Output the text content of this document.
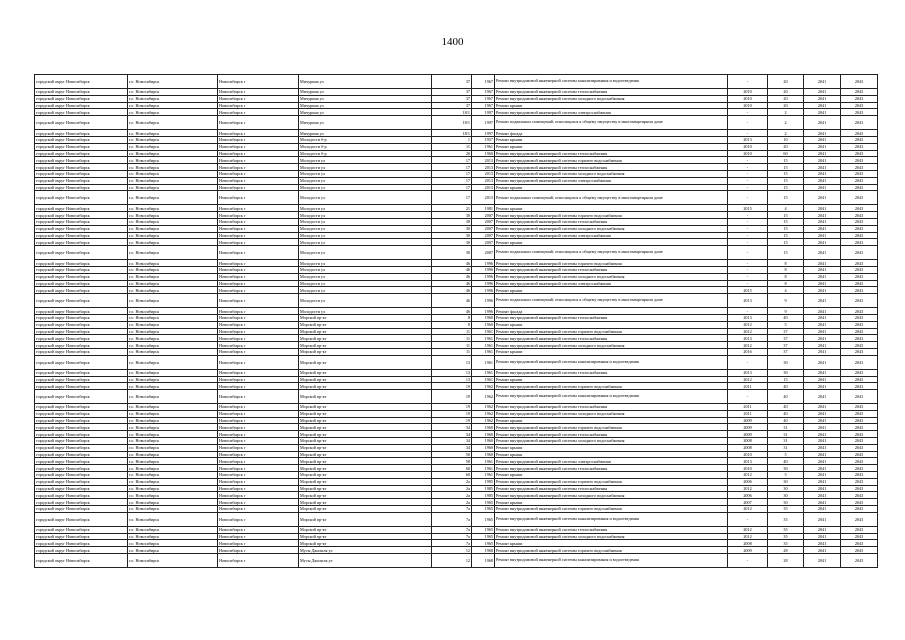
1400
городской округ Новосибирск	г.о. Новосибирск	Новосибирск г	Мичурина ул	37	1967	Ремонт внутридомовой инженерной системы канализирования и водоотведения	-	20	2041	2043
городской округ Новосибирск	г.о. Новосибирск	Новосибирск г	Мичурина ул	37	1967	Ремонт внутридомовой инженерной системы теплоснабжения	2010	20	2041	2043
городской округ Новосибирск	г.о. Новосибирск	Новосибирск г	Мичурина ул	37	1967	Ремонт внутридомовой инженерной системы холодного водоснабжения	2010	20	2041	2043
городской округ Новосибирск	г.о. Новосибирск	Новосибирск г	Мичурина ул	37	1967	Ремонт крыши	2010	20	2041	2043
городской округ Новосибирск	г.о. Новосибирск	Новосибирск г	Мичурина ул	18/1	1997	Ремонт внутридомовой инженерной системы электроснабжения	-	2	2041	2043
городской округ Новосибирск	г.о. Новосибирск	Новосибирск г	Мичурина ул	18/1	1997	Ремонт подвальных помещений, относящихся к общему имуществу в многоквартирном доме	-	2	2041	2043
городской округ Новосибирск	г.о. Новосибирск	Новосибирск г	Мичурина ул	18/1	1997	Ремонт фасада	-	2	2041	2043
городской округ Новосибирск	г.о. Новосибирск	Новосибирск г	Молодости б-р	1	1957	Ремонт крыши	2013	10	2041	2043
городской округ Новосибирск	г.о. Новосибирск	Новосибирск г	Молодости б-р	11	1961	Ремонт крыши	2010	20	2041	2043
городской округ Новосибирск	г.о. Новосибирск	Новосибирск г	Молодости б-р	20	1960	Ремонт внутридомовой инженерной системы теплоснабжения	2010	60	2041	2043
городской округ Новосибирск	г.о. Новосибирск	Новосибирск г	Молодости ул	17	2013	Ремонт внутридомовой инженерной системы горячего водоснабжения	-	15	2041	2043
городской округ Новосибирск	г.о. Новосибирск	Новосибирск г	Молодости ул	17	2013	Ремонт внутридомовой инженерной системы теплоснабжения	-	15	2041	2043
городской округ Новосибирск	г.о. Новосибирск	Новосибирск г	Молодости ул	17	2013	Ремонт внутридомовой инженерной системы холодного водоснабжения	-	15	2041	2043
городской округ Новосибирск	г.о. Новосибирск	Новосибирск г	Молодости ул	17	2013	Ремонт внутридомовой инженерной системы электроснабжения	-	15	2041	2043
городской округ Новосибирск	г.о. Новосибирск	Новосибирск г	Молодости ул	17	2013	Ремонт крыши	-	15	2041	2043
городской округ Новосибирск	г.о. Новосибирск	Новосибирск г	Молодости ул	17	2013	Ремонт подвальных помещений, относящихся к общему имуществу в многоквартирном доме	-	15	2041	2043
городской округ Новосибирск	г.о. Новосибирск	Новосибирск г	Молодости ул	21	1981	Ремонт крыши	2015	4	2041	2043
городской округ Новосибирск	г.о. Новосибирск	Новосибирск г	Молодости ул	30	2007	Ремонт внутридомовой инженерной системы горячего водоснабжения	-	15	2041	2043
городской округ Новосибирск	г.о. Новосибирск	Новосибирск г	Молодости ул	30	2007	Ремонт внутридомовой инженерной системы теплоснабжения	-	15	2041	2043
городской округ Новосибирск	г.о. Новосибирск	Новосибирск г	Молодости ул	30	2007	Ремонт внутридомовой инженерной системы холодного водоснабжения	-	15	2041	2043
городской округ Новосибирск	г.о. Новосибирск	Новосибирск г	Молодости ул	30	2007	Ремонт внутридомовой инженерной системы электроснабжения	-	15	2041	2043
городской округ Новосибирск	г.о. Новосибирск	Новосибирск г	Молодости ул	30	2007	Ремонт крыши	-	15	2041	2043
городской округ Новосибирск	г.о. Новосибирск	Новосибирск г	Молодости ул	30	2007	Ремонт подвальных помещений, относящихся к общему имуществу в многоквартирном доме	-	15	2041	2043
городской округ Новосибирск	г.о. Новосибирск	Новосибирск г	Молодости ул	46	1996	Ремонт внутридомовой инженерной системы горячего водоснабжения	-	8	2041	2043
городской округ Новосибирск	г.о. Новосибирск	Новосибирск г	Молодости ул	46	1996	Ремонт внутридомовой инженерной системы теплоснабжения	-	8	2041	2043
городской округ Новосибирск	г.о. Новосибирск	Новосибирск г	Молодости ул	46	1996	Ремонт внутридомовой инженерной системы холодного водоснабжения	-	8	2041	2043
городской округ Новосибирск	г.о. Новосибирск	Новосибирск г	Молодости ул	46	1996	Ремонт внутридомовой инженерной системы электроснабжения	-	8	2041	2043
городской округ Новосибирск	г.о. Новосибирск	Новосибирск г	Молодости ул	46	1996	Ремонт крыши	2015	4	2041	2043
городской округ Новосибирск	г.о. Новосибирск	Новосибирск г	Молодости ул	46	1996	Ремонт подвальных помещений, относящихся к общему имуществу в многоквартирном доме	2013	9	2041	2043
городской округ Новосибирск	г.о. Новосибирск	Новосибирск г	Молодости ул	46	1996	Ремонт фасада	-	9	2041	2043
городской округ Новосибирск	г.о. Новосибирск	Новосибирск г	Морской пр-кт	8	1960	Ремонт внутридомовой инженерной системы теплоснабжения	2013	40	2041	2043
городской округ Новосибирск	г.о. Новосибирск	Новосибирск г	Морской пр-кт	8	1960	Ремонт крыши	2012	5	2041	2043
городской округ Новосибирск	г.о. Новосибирск	Новосибирск г	Морской пр-кт	11	1961	Ремонт внутридомовой инженерной системы горячего водоснабжения	2012	37	2041	2043
городской округ Новосибирск	г.о. Новосибирск	Новосибирск г	Морской пр-кт	11	1961	Ремонт внутридомовой инженерной системы теплоснабжения	2013	37	2041	2043
городской округ Новосибирск	г.о. Новосибирск	Новосибирск г	Морской пр-кт	11	1961	Ремонт внутридомовой инженерной системы холодного водоснабжения	2012	37	2041	2043
городской округ Новосибирск	г.о. Новосибирск	Новосибирск г	Морской пр-кт	11	1961	Ремонт крыши	2016	37	2041	2043
городской округ Новосибирск	г.о. Новосибирск	Новосибирск г	Морской пр-кт	13	1961	Ремонт внутридомовой инженерной системы канализирования и водоотведения	-	30	2041	2043
городской округ Новосибирск	г.о. Новосибирск	Новосибирск г	Морской пр-кт	13	1961	Ремонт внутридомовой инженерной системы теплоснабжения	2013	30	2041	2043
городской округ Новосибирск	г.о. Новосибирск	Новосибирск г	Морской пр-кт	13	1961	Ремонт крыши	2012	15	2041	2043
городской округ Новосибирск	г.о. Новосибирск	Новосибирск г	Морской пр-кт	19	1962	Ремонт внутридомовой инженерной системы горячего водоснабжения	2011	40	2041	2043
городской округ Новосибирск	г.о. Новосибирск	Новосибирск г	Морской пр-кт	19	1962	Ремонт внутридомовой инженерной системы канализирования и водоотведения	-	40	2041	2043
городской округ Новосибирск	г.о. Новосибирск	Новосибирск г	Морской пр-кт	19	1962	Ремонт внутридомовой инженерной системы теплоснабжения	2011	40	2041	2043
городской округ Новосибирск	г.о. Новосибирск	Новосибирск г	Морской пр-кт	19	1962	Ремонт внутридомовой инженерной системы холодного водоснабжения	2011	40	2041	2043
городской округ Новосибирск	г.о. Новосибирск	Новосибирск г	Морской пр-кт	19	1962	Ремонт крыши	2009	40	2041	2043
городской округ Новосибирск	г.о. Новосибирск	Новосибирск г	Морской пр-кт	34	1960	Ремонт внутридомовой инженерной системы горячего водоснабжения	2009	31	2041	2043
городской округ Новосибирск	г.о. Новосибирск	Новосибирск г	Морской пр-кт	34	1960	Ремонт внутридомовой инженерной системы теплоснабжения	2009	31	2041	2043
городской округ Новосибирск	г.о. Новосибирск	Новосибирск г	Морской пр-кт	34	1960	Ремонт внутридомовой инженерной системы холодного водоснабжения	2008	31	2041	2043
городской округ Новосибирск	г.о. Новосибирск	Новосибирск г	Морской пр-кт	34	1960	Ремонт крыши	2008	31	2041	2043
городской округ Новосибирск	г.о. Новосибирск	Новосибирск г	Морской пр-кт	50	1960	Ремонт крыши	2010	5	2041	2043
городской округ Новосибирск	г.о. Новосибирск	Новосибирск г	Морской пр-кт	58	1961	Ремонт внутридомовой инженерной системы электроснабжения	2013	40	2041	2043
городской округ Новосибирск	г.о. Новосибирск	Новосибирск г	Морской пр-кт	60	1961	Ремонт внутридомовой инженерной системы теплоснабжения	2010	30	2041	2043
городской округ Новосибирск	г.о. Новосибирск	Новосибирск г	Морской пр-кт	60	1961	Ремонт крыши	2012	5	2041	2043
городской округ Новосибирск	г.о. Новосибирск	Новосибирск г	Морской пр-кт	2а	1985	Ремонт внутридомовой инженерной системы горячего водоснабжения	2006	30	2041	2043
городской округ Новосибирск	г.о. Новосибирск	Новосибирск г	Морской пр-кт	2а	1985	Ремонт внутридомовой инженерной системы теплоснабжения	2012	30	2041	2043
городской округ Новосибирск	г.о. Новосибирск	Новосибирск г	Морской пр-кт	2а	1985	Ремонт внутридомовой инженерной системы холодного водоснабжения	2006	30	2041	2043
городской округ Новосибирск	г.о. Новосибирск	Новосибирск г	Морской пр-кт	2а	1965	Ремонт крыши	2007	30	2041	2043
городской округ Новосибирск	г.о. Новосибирск	Новосибирск г	Морской пр-кт	7а	1965	Ремонт внутридомовой инженерной системы горячего водоснабжения	2012	35	2041	2043
городской округ Новосибирск	г.о. Новосибирск	Новосибирск г	Морской пр-кт	7а	1965	Ремонт внутридомовой инженерной системы канализирования и водоотведения	-	35	2041	2043
городской округ Новосибирск	г.о. Новосибирск	Новосибирск г	Морской пр-кт	7а	1965	Ремонт внутридомовой инженерной системы теплоснабжения	2012	35	2041	2043
городской округ Новосибирск	г.о. Новосибирск	Новосибирск г	Морской пр-кт	7а	1965	Ремонт внутридомовой инженерной системы холодного водоснабжения	2012	35	2041	2043
городской округ Новосибирск	г.о. Новосибирск	Новосибирск г	Морской пр-кт	7а	1965	Ремонт крыши	2008	35	2041	2043
городской округ Новосибирск	г.о. Новосибирск	Новосибирск г	Мусы Джалиля ул	12	1968	Ремонт внутридомовой инженерной системы горячего водоснабжения	2009	28	2041	2043
городской округ Новосибирск	г.о. Новосибирск	Новосибирск г	Мусы Джалиля ул	12	1968	Ремонт внутридомовой инженерной системы канализирования и водоотведения	-	28	2041	2043
